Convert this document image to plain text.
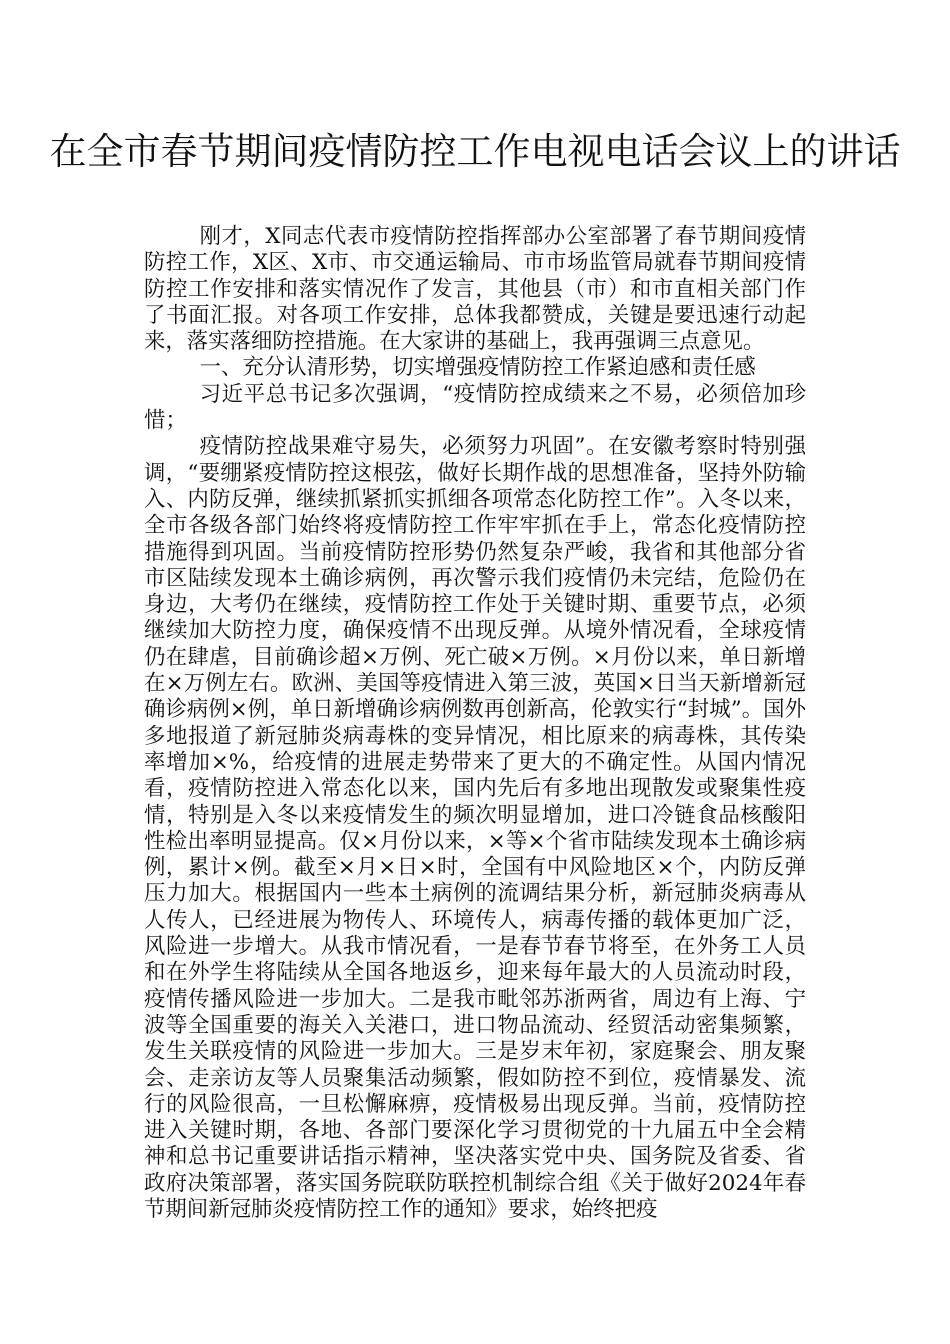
在全市春节期间疫情防控工作电视电话会议上的讲话

刚才，X同志代表市疫情防控指挥部办公室部署了春节期间疫情防控工作，X区、X市、市交通运输局、市市场监管局就春节期间疫情防控工作安排和落实情况作了发言，其他县（市）和市直相关部门作了书面汇报。对各项工作安排，总体我都赞成，关键是要迅速行动起来，落实落细防控措施。在大家讲的基础上，我再强调三点意见。

一、充分认清形势，切实增强疫情防控工作紧迫感和责任感

习近平总书记多次强调，“疫情防控成绩来之不易，必须倍加珍惜；

疫情防控战果难守易失，必须努力巩固”。在安徽考察时特别强调，“要绷紧疫情防控这根弦，做好长期作战的思想准备，坚持外防输入、内防反弹，继续抓紧抓实抓细各项常态化防控工作”。入冬以来，全市各级各部门始终将疫情防控工作牢牢抓在手上，常态化疫情防控措施得到巩固。当前疫情防控形势仍然复杂严峻，我省和其他部分省市区陆续发现本土确诊病例，再次警示我们疫情仍未完结，危险仍在身边，大考仍在继续，疫情防控工作处于关键时期、重要节点，必须继续加大防控力度，确保疫情不出现反弹。从境外情况看，全球疫情仍在肆虐，目前确诊超×万例、死亡破×万例。×月份以来，单日新增在×万例左右。欧洲、美国等疫情进入第三波，英国×日当天新增新冠确诊病例×例，单日新增确诊病例数再创新高，伦敦实行“封城”。国外多地报道了新冠肺炎病毒株的变异情况，相比原来的病毒株，其传染率增加×%，给疫情的进展走势带来了更大的不确定性。从国内情况看，疫情防控进入常态化以来，国内先后有多地出现散发或聚集性疫情，特别是入冬以来疫情发生的频次明显增加，进口冷链食品核酸阳性检出率明显提高。仅×月份以来，×等×个省市陆续发现本土确诊病例，累计×例。截至×月×日×时，全国有中风险地区×个，内防反弹压力加大。根据国内一些本土病例的流调结果分析，新冠肺炎病毒从人传人，已经进展为物传人、环境传人，病毒传播的载体更加广泛，风险进一步增大。从我市情况看，一是春节春节将至，在外务工人员和在外学生将陆续从全国各地返乡，迎来每年最大的人员流动时段，疫情传播风险进一步加大。二是我市毗邻苏浙两省，周边有上海、宁波等全国重要的海关入关港口，进口物品流动、经贸活动密集频繁，发生关联疫情的风险进一步加大。三是岁末年初，家庭聚会、朋友聚会、走亲访友等人员聚集活动频繁，假如防控不到位，疫情暴发、流行的风险很高，一旦松懈麻痹，疫情极易出现反弹。当前，疫情防控进入关键时期，各地、各部门要深化学习贯彻党的十九届五中全会精神和总书记重要讲话指示精神，坚决落实党中央、国务院及省委、省政府决策部署，落实国务院联防联控机制综合组《关于做好2024年春节期间新冠肺炎疫情防控工作的通知》要求，始终把疫
